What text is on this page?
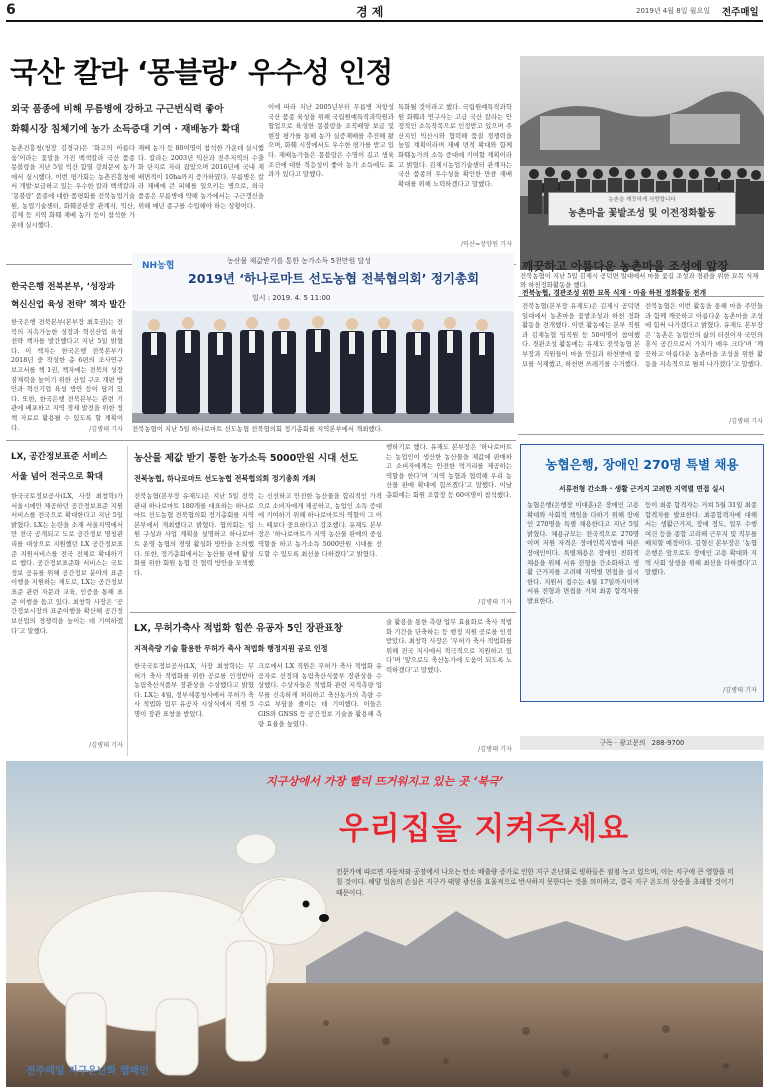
6	경 제	2019년 4월 8일 월요일 전주매일
국산 칼라 ‘몽블랑’ 우수성 인정
외국 품종에 비해 무름병에 강하고 구근번식력 좋아
화훼시장 침체기에 농가 소득증대 기여 · 재배농가 확대
농촌진흥청(청장 김경규)은 ‘화고의 아름다움’이라는 꽃말을 가진 백색칼라 국산 품종 몽블랑을 지난 5일 익산 함열 강희문씨 농가에서 실시했다. 이번 평가회는 농촌진흥청에서 개발·보급하고 있는 우수한 칼라 백색칼라 ‘몽블랑’ 품종에 대한 품평회를 전북농업기술원, 농업기술센터, 화훼공판장 관계자, 익산, 김제 등 지역 화훼 재배 농가 등이 참석한 가운데 실시했다.
재배 농가 등 80여명이 참석한 가운데 실시했다. 칼라는 2003년 익산과 전주지역의 수출화 단지로 자리 잡았으며 2016년에 국내 재배면적이 10ha까지 증가하였다. 무름병은 칼라 재배에 큰 피해를 일으키는 병으로, 외국 품종은 무름병에 약해 농가에서는 구근갱신을 위해 매년 종구를 수입해야 하는 상황이다.
이에 따라 지난 2005년부터 무름병 저항성 국산 품종 육성을 위해 국립원예특작과학원과 협업으로 육성한 몽블랑을 조직배양 보급 및 현장 평가를 통해 농가 실증재배를 추진해 왔으며, 화훼 시장에서도 우수한 평가를 받고 있다. 재배농가들은 몽블랑은 수명이 길고 생육 조건에 대한 적응성이 좋아 농가 소득에도 효과가 있다고 말했다.
특화될 것이라고 했다. 국립원예특작과학원 화훼과 연구사는 고급 국산 칼라는 안정적인 소득작목으로 인정받고 있으며 주산지인 익산시와 협력해 품질 경쟁력을 높일 계획이라며 재배 면적 확대와 함께 화훼농가의 소득 증대에 기여할 계획이라고 밝혔다. 김제시농업기술센터 관계자는 국산 품종의 우수성을 확인한 만큼 재배 확대를 위해 노력하겠다고 말했다.
/익산=장양원 기자
농촌을 깨끗하게 사랑합니다
농촌마을 꽃밭조성 및 이전정화활동
전북농협이 지난 5일 김제시 공덕면 일대에서 마을 꽃길 조성과 경관을 위한 묘목 식재와 하천정화활동을 했다.
한국은행 전북본부, ‘성장과
혁신신업 육성 전략’ 책자 발간
한국은행 전북본부(본부장 최호권)는 전북의 지속가능한 성장과 혁신산업 육성 전략 책자를 발간했다고 지난 5일 밝혔다. 이 책자는 한국은행 전북본부가 2018년 중 작성한 총 6편의 조사연구 보고서를 책 1권, 책자에는 전북의 성장 잠재력을 높이기 위한 산업 구조 개편 방안과 혁신기업 육성 방안 등이 담겨 있다. 또한, 한국은행 전북본부는 관련 기관에 배포하고 지역 경제 발전을 위한 정책 자료로 활용될 수 있도록 할 계획이다.	/김병태 기자
NH농협	농산물 제값받기를 통한 농가소득 5천만원 달성
2019년 ‘하나로마트 선도농협 전북협의회’ 정기총회
일시 : 2019. 4. 5 11:00
전북농협이 지난 5일 하나로마트 선도농협 전북협의회 정기총회를 지역본부에서 개최했다.
깨끗하고 아름다운 농촌마을 조성에 앞장
전북농협, 경관조성 위한 묘목 식재 · 마을 하천 정화활동 전개
전북농협(본부장 유재도)은 김제시 공덕면 일대에서 농촌마을 꽃밭조성과 하천 정화활동을 전개했다. 이번 활동에는 본부 직원과 김제농협 임직원 등 50여명이 참여했다. 경관조성 활동에는 유재도 전북농협 본부장과 직원들이 마을 안길과 하천변에 꽃묘를 식재했고, 하천변 쓰레기를 수거했다.
전북농협은 이번 활동을 통해 마을 주민들과 함께 깨끗하고 아름다운 농촌마을 조성에 힘써 나가겠다고 밝혔다. 유재도 본부장은 ‘농촌은 농업인의 삶의 터전이자 국민의 휴식 공간으로서 가치가 매우 크다’며 ‘깨끗하고 아름다운 농촌마을 조성을 위한 활동을 지속적으로 펼쳐 나가겠다’고 말했다.
/김병태 기자
LX, 공간정보표준 서비스
서울 넘어 전국으로 확대
한국국토정보공사(LX, 사장 최창학)가 서울시에만 제공하던 공간정보표준 지원서비스를 전국으로 확대한다고 지난 5일 밝혔다. LX는 논란을 소재 서울지역에서만 전국 공개되고 도로 공간정보 명칭관리를 대상으로 지원했던 LX 공간정보표준 지원서비스를 전국 전체로 확대하기로 했다. 공간정보표준화 서비스는 국토 정보 공유를 위해 공간정보 분야의 표준 이행을 지원하는 제도로, LX는 공간정보표준 관련 자문과 교육, 인증을 통해 표준 이행을 돕고 있다. 최창학 사장은 ‘공간정보시장의 표준이행을 확산해 공간정보산업의 경쟁력을 높이는 데 기여하겠다’고 말했다.
/김병태 기자
농산물 제값 받기 통한 농가소득 5000만원 시대 선도
전북농협, 하나로마트 선도농협 전북협의회 정기총회 개최
전북농협(본부장 유재도)은 지난 5일 전북 관내 하나로마트 180개를 대표하는 하나로마트 선도농협 전북협의회 정기총회를 지역본부에서 개최했다고 밝혔다. 협의회는 임원 구성과 사업 계획을 설명하고 하나로마트 운영 농협의 경영 활성화 방안을 논의했다. 또한, 정기총회에서는 농산물 판매 활성화를 위한 회원 농협 간 협력 방안을 모색했다.
는 신선하고 안전한 농산물을 합리적인 가격으로 소비자에게 제공하고, 농업인 소득 증대에 기여하기 위해 하나로마트의 역할이 그 어느 때보다 중요하다고 강조했다. 유재도 본부장은 ‘하나로마트가 지역 농산물 판매의 중심 역할을 하고 농가소득 5000만원 시대를 선도할 수 있도록 최선을 다하겠다’고 밝혔다.
행하기로 했다. 유재도 본부장은 ‘하나로마트는 농업인이 생산한 농산물을 제값에 판매하고 소비자에게는 안전한 먹거리를 제공하는 역할을 한다’며 ‘지역 농협과 협력해 우리 농산물 판매 확대에 힘쓰겠다’고 말했다. 이날 총회에는 회원 조합장 등 60여명이 참석했다.
/김병태 기자
LX, 무허가축사 적법화 힘쓴 유공자 5인 장관표창
지적측량 기술 활용한 무허가 축사 적법화 행정지원 공로 인정
한국국토정보공사(LX, 사장 최창학)는 무허가 축사 적법화를 위한 공로를 인정받아 농림축산식품부 장관상을 수상했다고 밝혔다. LX는 4월, 정부세종청사에서 무허가 축사 적법화 업무 유공자 시상식에서 직원 5명이 장관 표창을 받았다.
크로에서 LX 직원은 무허가 축사 적법화 유공자로 선정돼 농림축산식품부 장관상을 수상했다. 수상자들은 적법화 관련 지적측량 업무를 신속하게 처리하고 축산농가의 측량 수수료 부담을 줄이는 데 기여했다. 이들은 GIS와 GNSS 등 공간정보 기술을 활용해 측량 효율을 높였다.
술 활용을 통한 측량 업무 효율화로 축사 적법화 기간을 단축하는 등 행정 지원 공로를 인정받았다. 최창학 사장은 ‘무허가 축사 적법화를 위해 전국 지사에서 적극적으로 지원하고 있다’며 ‘앞으로도 축산농가에 도움이 되도록 노력하겠다’고 말했다.
/김병태 기자
농협은행, 장애인 270명 특별 채용
서류전형 간소화 · 생활 근거지 고려한 지역별 면접 실시
농협은행(은행장 이대훈)은 장애인 고용 확대와 사회적 책임을 다하기 위해 장애인 270명을 특별 채용한다고 지난 5일 밝혔다. 채용규모는 전국적으로 270명이며 지원 자격은 장애인복지법에 따른 장애인이다. 특별채용은 장애인 친화적 채용을 위해 서류 전형을 간소화하고 생활 근거지를 고려해 지역별 면접을 실시한다. 지원서 접수는 4월 17일까지이며 서류 전형과 면접을 거쳐 최종 합격자를 발표한다.
등이 최종 합격자는 거쳐 5월 31일 최종 합격자를 발표한다. 최종합격자에 대해서는 생활근거지, 장애 정도, 업무 수행 여건 등을 종합 고려해 근무지 및 직무를 배치할 예정이다. 김형신 본부장은 ‘농협은행은 앞으로도 장애인 고용 확대와 지역 사회 상생을 위해 최선을 다하겠다’고 말했다.
/김병태 기자
구독 · 광고문의 288-9700
지구상에서 가장 빨리 뜨거워지고 있는 곳 ‘북극’
우리집을 지켜주세요
전문가에 따르면 자동차와 공장에서 나오는 탄소 배출량 증가로 인한 지구 온난화로 빙하들은 점점 녹고 있으며, 이는 지구에 큰 영향을 미칠 것이다. 해양 얼음의 손실은 지구가 태양 광선을 효율적으로 반사하지 못한다는 것을 의미하고, 결국 지구 온도의 상승을 초래할 것이기 때문이다.
전주매일 지구온난화 캠페인
